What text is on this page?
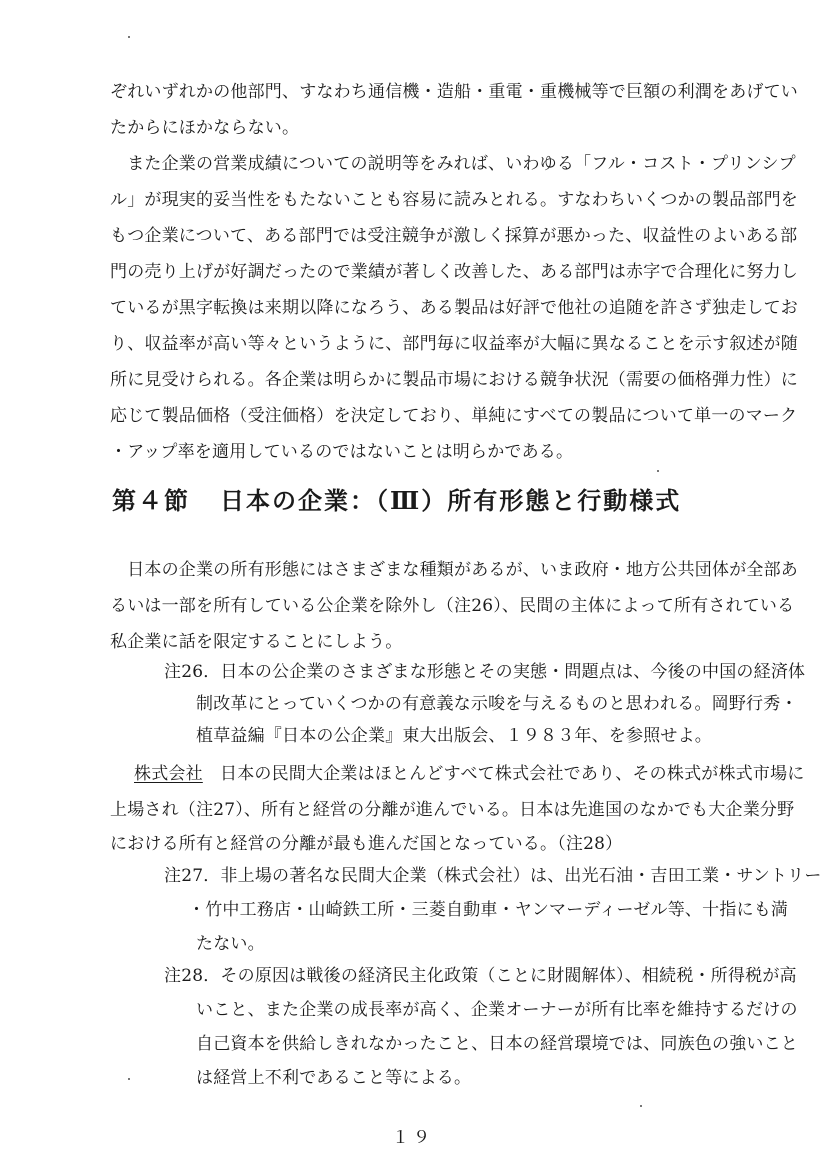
ぞれいずれかの他部門、すなわち通信機・造船・重電・重機械等で巨額の利潤をあげてい
たからにほかならない。
　また企業の営業成績についての説明等をみれば、いわゆる「フル・コスト・プリンシプ
ル」が現実的妥当性をもたないことも容易に読みとれる。すなわちいくつかの製品部門を
もつ企業について、ある部門では受注競争が激しく採算が悪かった、収益性のよいある部
門の売り上げが好調だったので業績が著しく改善した、ある部門は赤字で合理化に努力し
ているが黒字転換は来期以降になろう、ある製品は好評で他社の追随を許さず独走してお
り、収益率が高い等々というように、部門毎に収益率が大幅に異なることを示す叙述が随
所に見受けられる。各企業は明らかに製品市場における競争状況（需要の価格弾力性）に
応じて製品価格（受注価格）を決定しており、単純にすべての製品について単一のマーク
・アップ率を適用しているのではないことは明らかである。
第４節 日本の企業：（Ⅲ）所有形態と行動様式
　日本の企業の所有形態にはさまざまな種類があるが、いま政府・地方公共団体が全部あ
るいは一部を所有している公企業を除外し（注26）、民間の主体によって所有されている
私企業に話を限定することにしよう。
注26．日本の公企業のさまざまな形態とその実態・問題点は、今後の中国の経済体
制改革にとっていくつかの有意義な示唆を与えるものと思われる。岡野行秀・
植草益編『日本の公企業』東大出版会、１９８３年、を参照せよ。
株式会社　日本の民間大企業はほとんどすべて株式会社であり、その株式が株式市場に
上場され（注27）、所有と経営の分離が進んでいる。日本は先進国のなかでも大企業分野
における所有と経営の分離が最も進んだ国となっている。（注28）
注27．非上場の著名な民間大企業（株式会社）は、出光石油・吉田工業・サントリー
・竹中工務店・山崎鉄工所・三菱自動車・ヤンマーディーゼル等、十指にも満
たない。
注28．その原因は戦後の経済民主化政策（ことに財閥解体）、相続税・所得税が高
いこと、また企業の成長率が高く、企業オーナーが所有比率を維持するだけの
自己資本を供給しきれなかったこと、日本の経営環境では、同族色の強いこと
は経営上不利であること等による。
１９
